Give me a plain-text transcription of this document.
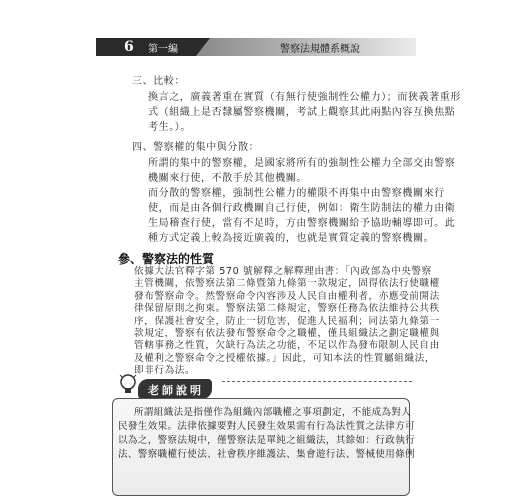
6 第一編	警察法規體系概說
三、比較：
換言之，廣義著重在實質（有無行使強制性公權力）；而狹義著重形
式（組織上是否隸屬警察機關，考試上觀察其此兩點內容互換焦點
考生。）。
四、警察權的集中與分散：
所謂的集中的警察權，是國家將所有的強制性公權力全部交由警察
機關來行使，不散手於其他機關。
而分散的警察權，強制性公權力的權限不再集中由警察機關來行
使，而是由各個行政機關自己行使，例如：衛生防制法的權力由衛
生局稽查行使，當有不足時，方由警察機關給予協助輔導即可。此
種方式定義上較為接近廣義的，也就是實質定義的警察機關。
參、警察法的性質
依據大法官釋字第 570 號解釋之解釋理由書：「內政部為中央警察
主管機關，依警察法第二條暨第九條第一款規定，固得依法行使職權
發布警察命令。然警察命令內容涉及人民自由權利者，亦應受前開法
律保留原則之拘束。警察法第二條規定，警察任務為依法維持公共秩
序，保護社會安全，防止一切危害，促進人民福利；同法第九條第一
款規定，警察有依法發布警察命令之職權，僅具組織法之劃定職權與
管轄事務之性質，欠缺行為法之功能，不足以作為發布限制人民自由
老師說明
所謂組織法是指僅作為組織內部職權之事項劃定，不能成為對人
民發生效果。法律依據要對人民發生效果需有行為法性質之法律方可
以為之，警察法規中，僅警察法是單純之組織法，其餘如：行政執行
法、警察職權行使法、社會秩序維護法、集會遊行法、警械使用條例
及權利之警察命令之授權依據。」因此，可知本法的性質屬組織法，
即非行為法。
